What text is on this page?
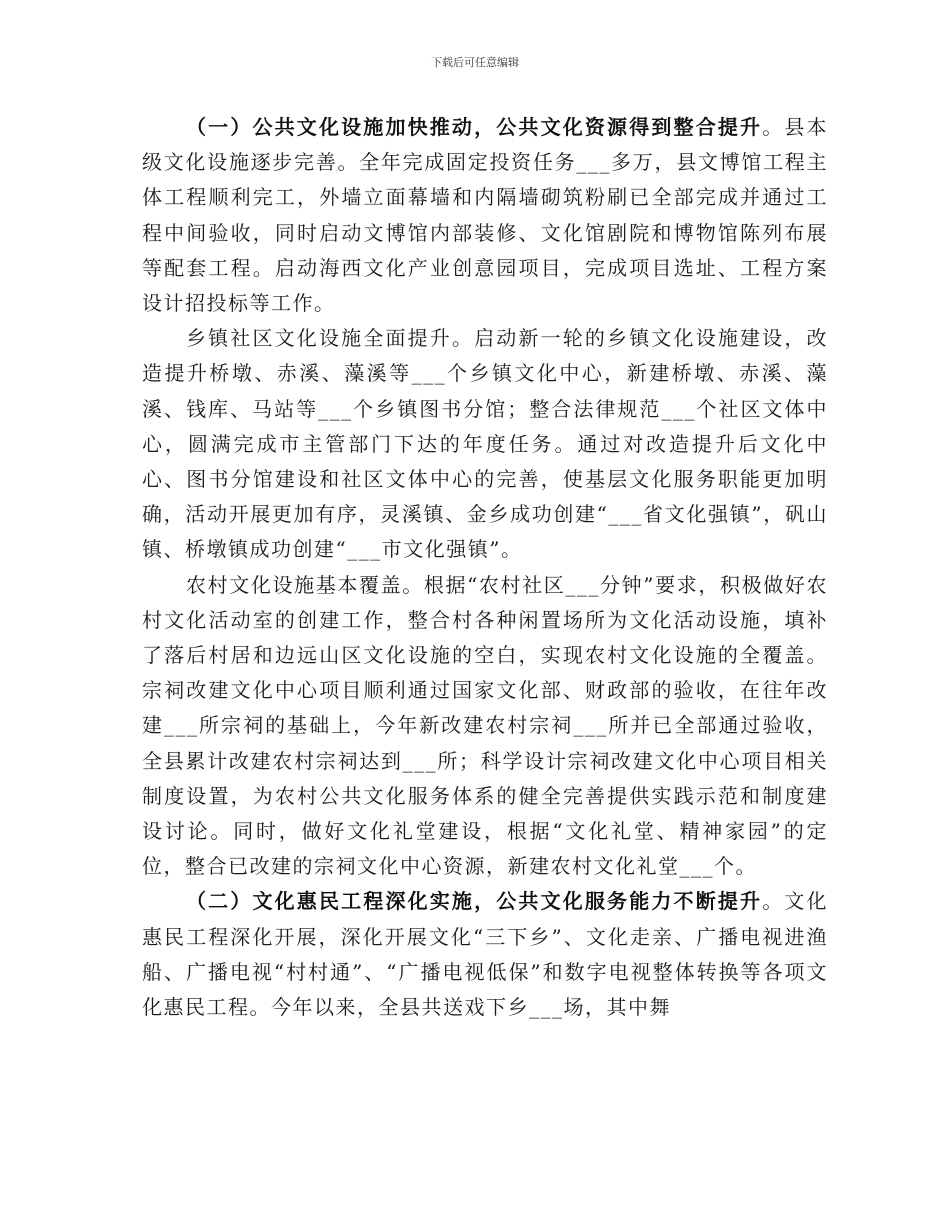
下载后可任意编辑

（一）公共文化设施加快推动，公共文化资源得到整合提升。县本级文化设施逐步完善。全年完成固定投资任务___多万，县文博馆工程主体工程顺利完工，外墙立面幕墙和内隔墙砌筑粉刷已全部完成并通过工程中间验收，同时启动文博馆内部装修、文化馆剧院和博物馆陈列布展等配套工程。启动海西文化产业创意园项目，完成项目选址、工程方案设计招投标等工作。

乡镇社区文化设施全面提升。启动新一轮的乡镇文化设施建设，改造提升桥墩、赤溪、藻溪等___个乡镇文化中心，新建桥墩、赤溪、藻溪、钱库、马站等___个乡镇图书分馆；整合法律规范___个社区文体中心，圆满完成市主管部门下达的年度任务。通过对改造提升后文化中心、图书分馆建设和社区文体中心的完善，使基层文化服务职能更加明确，活动开展更加有序，灵溪镇、金乡成功创建“___省文化强镇”，矾山镇、桥墩镇成功创建“___市文化强镇”。

农村文化设施基本覆盖。根据“农村社区___分钟”要求，积极做好农村文化活动室的创建工作，整合村各种闲置场所为文化活动设施，填补了落后村居和边远山区文化设施的空白，实现农村文化设施的全覆盖。宗祠改建文化中心项目顺利通过国家文化部、财政部的验收，在往年改建___所宗祠的基础上，今年新改建农村宗祠___所并已全部通过验收，全县累计改建农村宗祠达到___所；科学设计宗祠改建文化中心项目相关制度设置，为农村公共文化服务体系的健全完善提供实践示范和制度建设讨论。同时，做好文化礼堂建设，根据“文化礼堂、精神家园”的定位，整合已改建的宗祠文化中心资源，新建农村文化礼堂___个。

（二）文化惠民工程深化实施，公共文化服务能力不断提升。文化惠民工程深化开展，深化开展文化“三下乡”、文化走亲、广播电视进渔船、广播电视“村村通”、“广播电视低保”和数字电视整体转换等各项文化惠民工程。今年以来，全县共送戏下乡___场，其中舞
